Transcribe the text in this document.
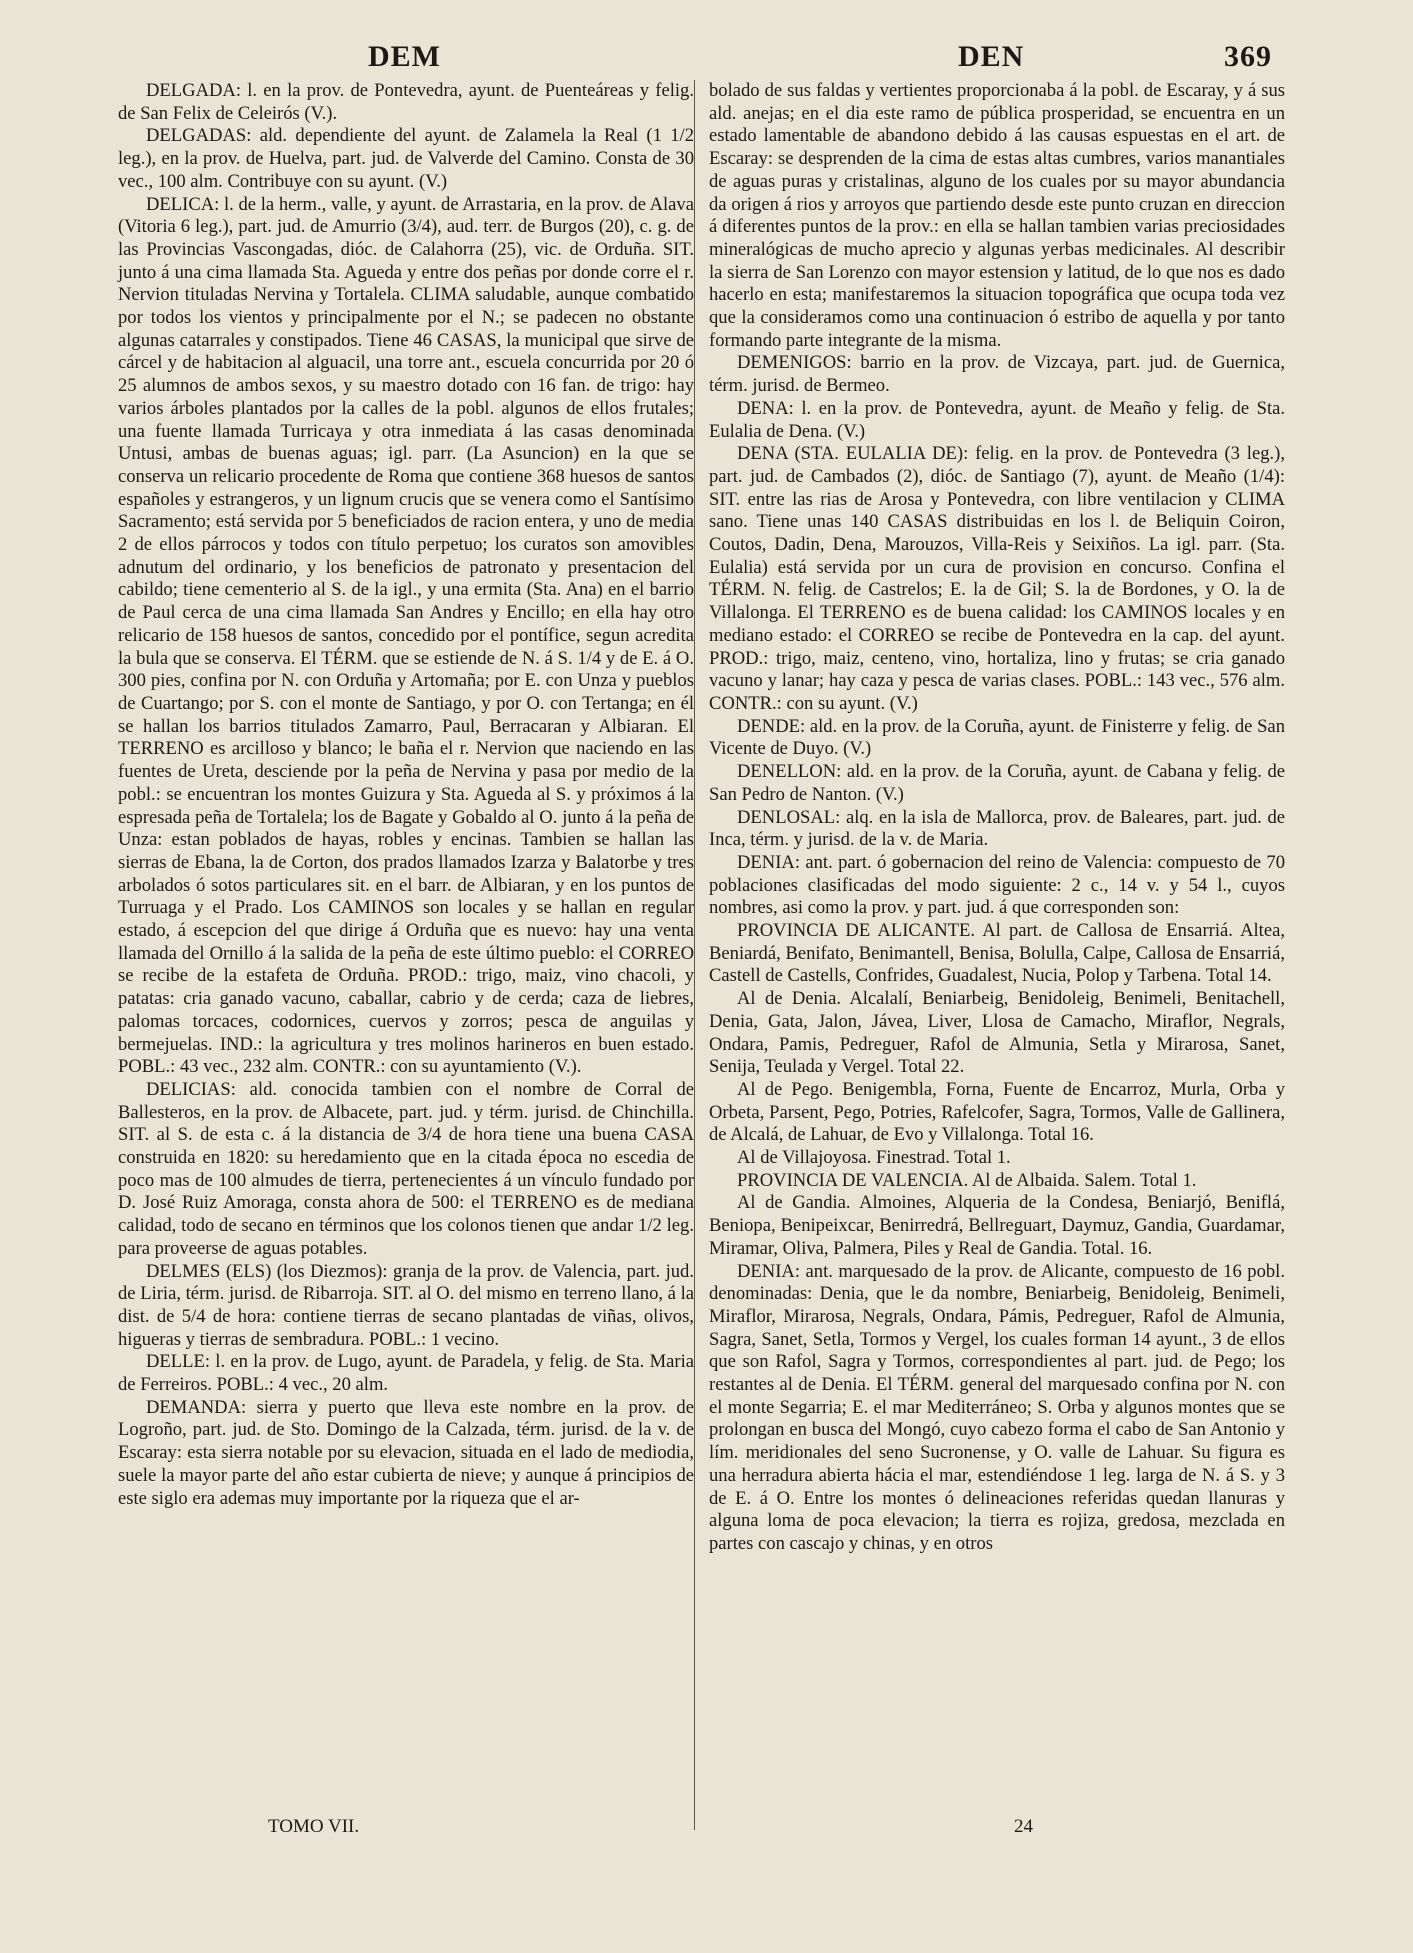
DEM	DEN	369

DELGADA: l. en la prov. de Pontevedra, ayunt. de Puenteáreas y felig. de San Felix de Celeirós (V.).

DELGADAS: ald. dependiente del ayunt. de Zalamela la Real (1 1/2 leg.), en la prov. de Huelva, part. jud. de Valverde del Camino. Consta de 30 vec., 100 alm. Contribuye con su ayunt. (V.)

DELICA: l. de la herm., valle, y ayunt. de Arrastaria, en la prov. de Alava (Vitoria 6 leg.), part. jud. de Amurrio (3/4), aud. terr. de Burgos (20), c. g. de las Provincias Vascongadas, dióc. de Calahorra (25), vic. de Orduña. SIT. junto á una cima llamada Sta. Agueda y entre dos peñas por donde corre el r. Nervion tituladas Nervina y Tortalela. CLIMA saludable, aunque combatido por todos los vientos y principalmente por el N.; se padecen no obstante algunas catarrales y constipados. Tiene 46 CASAS, la municipal que sirve de cárcel y de habitacion al alguacil, una torre ant., escuela concurrida por 20 ó 25 alumnos de ambos sexos, y su maestro dotado con 16 fan. de trigo: hay varios árboles plantados por la calles de la pobl. algunos de ellos frutales; una fuente llamada Turricaya y otra inmediata á las casas denominada Untusi, ambas de buenas aguas; igl. parr. (La Asuncion) en la que se conserva un relicario procedente de Roma que contiene 368 huesos de santos españoles y estrangeros, y un lignum crucis que se venera como el Santísimo Sacramento; está servida por 5 beneficiados de racion entera, y uno de media 2 de ellos párrocos y todos con título perpetuo; los curatos son amovibles adnutum del ordinario, y los beneficios de patronato y presentacion del cabildo; tiene cementerio al S. de la igl., y una ermita (Sta. Ana) en el barrio de Paul cerca de una cima llamada San Andres y Encillo; en ella hay otro relicario de 158 huesos de santos, concedido por el pontífice, segun acredita la bula que se conserva. El TÉRM. que se estiende de N. á S. 1/4 y de E. á O. 300 pies, confina por N. con Orduña y Artomaña; por E. con Unza y pueblos de Cuartango; por S. con el monte de Santiago, y por O. con Tertanga; en él se hallan los barrios titulados Zamarro, Paul, Berracaran y Albiaran. El TERRENO es arcilloso y blanco; le baña el r. Nervion que naciendo en las fuentes de Ureta, desciende por la peña de Nervina y pasa por medio de la pobl.: se encuentran los montes Guizura y Sta. Agueda al S. y próximos á la espresada peña de Tortalela; los de Bagate y Gobaldo al O. junto á la peña de Unza: estan poblados de hayas, robles y encinas. Tambien se hallan las sierras de Ebana, la de Corton, dos prados llamados Izarza y Balatorbe y tres arbolados ó sotos particulares sit. en el barr. de Albiaran, y en los puntos de Turruaga y el Prado. Los CAMINOS son locales y se hallan en regular estado, á escepcion del que dirige á Orduña que es nuevo: hay una venta llamada del Ornillo á la salida de la peña de este último pueblo: el CORREO se recibe de la estafeta de Orduña. PROD.: trigo, maiz, vino chacoli, y patatas: cria ganado vacuno, caballar, cabrio y de cerda; caza de liebres, palomas torcaces, codornices, cuervos y zorros; pesca de anguilas y bermejuelas. IND.: la agricultura y tres molinos harineros en buen estado. POBL.: 43 vec., 232 alm. CONTR.: con su ayuntamiento (V.).

DELICIAS: ald. conocida tambien con el nombre de Corral de Ballesteros, en la prov. de Albacete, part. jud. y térm. jurisd. de Chinchilla. SIT. al S. de esta c. á la distancia de 3/4 de hora tiene una buena CASA construida en 1820: su heredamiento que en la citada época no escedia de poco mas de 100 almudes de tierra, pertenecientes á un vínculo fundado por D. José Ruiz Amoraga, consta ahora de 500: el TERRENO es de mediana calidad, todo de secano en términos que los colonos tienen que andar 1/2 leg. para proveerse de aguas potables.

DELMES (ELS) (los Diezmos): granja de la prov. de Valencia, part. jud. de Liria, térm. jurisd. de Ribarroja. SIT. al O. del mismo en terreno llano, á la dist. de 5/4 de hora: contiene tierras de secano plantadas de viñas, olivos, higueras y tierras de sembradura. POBL.: 1 vecino.

DELLE: l. en la prov. de Lugo, ayunt. de Paradela, y felig. de Sta. Maria de Ferreiros. POBL.: 4 vec., 20 alm.

DEMANDA: sierra y puerto que lleva este nombre en la prov. de Logroño, part. jud. de Sto. Domingo de la Calzada, térm. jurisd. de la v. de Escaray: esta sierra notable por su elevacion, situada en el lado de mediodia, suele la mayor parte del año estar cubierta de nieve; y aunque á principios de este siglo era ademas muy importante por la riqueza que el ar-

bolado de sus faldas y vertientes proporcionaba á la pobl. de Escaray, y á sus ald. anejas; en el dia este ramo de pública prosperidad, se encuentra en un estado lamentable de abandono debido á las causas espuestas en el art. de Escaray: se desprenden de la cima de estas altas cumbres, varios manantiales de aguas puras y cristalinas, alguno de los cuales por su mayor abundancia da origen á rios y arroyos que partiendo desde este punto cruzan en direccion á diferentes puntos de la prov.: en ella se hallan tambien varias preciosidades mineralógicas de mucho aprecio y algunas yerbas medicinales. Al describir la sierra de San Lorenzo con mayor estension y latitud, de lo que nos es dado hacerlo en esta; manifestaremos la situacion topográfica que ocupa toda vez que la consideramos como una continuacion ó estribo de aquella y por tanto formando parte integrante de la misma.

DEMENIGOS: barrio en la prov. de Vizcaya, part. jud. de Guernica, térm. jurisd. de Bermeo.

DENA: l. en la prov. de Pontevedra, ayunt. de Meaño y felig. de Sta. Eulalia de Dena. (V.)

DENA (STA. EULALIA DE): felig. en la prov. de Pontevedra (3 leg.), part. jud. de Cambados (2), dióc. de Santiago (7), ayunt. de Meaño (1/4): SIT. entre las rias de Arosa y Pontevedra, con libre ventilacion y CLIMA sano. Tiene unas 140 CASAS distribuidas en los l. de Beliquin Coiron, Coutos, Dadin, Dena, Marouzos, Villa-Reis y Seixiños. La igl. parr. (Sta. Eulalia) está servida por un cura de provision en concurso. Confina el TÉRM. N. felig. de Castrelos; E. la de Gil; S. la de Bordones, y O. la de Villalonga. El TERRENO es de buena calidad: los CAMINOS locales y en mediano estado: el CORREO se recibe de Pontevedra en la cap. del ayunt. PROD.: trigo, maiz, centeno, vino, hortaliza, lino y frutas; se cria ganado vacuno y lanar; hay caza y pesca de varias clases. POBL.: 143 vec., 576 alm. CONTR.: con su ayunt. (V.)

DENDE: ald. en la prov. de la Coruña, ayunt. de Finisterre y felig. de San Vicente de Duyo. (V.)

DENELLON: ald. en la prov. de la Coruña, ayunt. de Cabana y felig. de San Pedro de Nanton. (V.)

DENLOSAL: alq. en la isla de Mallorca, prov. de Baleares, part. jud. de Inca, térm. y jurisd. de la v. de Maria.

DENIA: ant. part. ó gobernacion del reino de Valencia: compuesto de 70 poblaciones clasificadas del modo siguiente: 2 c., 14 v. y 54 l., cuyos nombres, asi como la prov. y part. jud. á que corresponden son:

PROVINCIA DE ALICANTE. Al part. de Callosa de Ensarriá. Altea, Beniardá, Benifato, Benimantell, Benisa, Bolulla, Calpe, Callosa de Ensarriá, Castell de Castells, Confrides, Guadalest, Nucia, Polop y Tarbena. Total 14.

Al de Denia. Alcalalí, Beniarbeig, Benidoleig, Benimeli, Benitachell, Denia, Gata, Jalon, Jávea, Liver, Llosa de Camacho, Miraflor, Negrals, Ondara, Pamis, Pedreguer, Rafol de Almunia, Setla y Mirarosa, Sanet, Senija, Teulada y Vergel. Total 22.

Al de Pego. Benigembla, Forna, Fuente de Encarroz, Murla, Orba y Orbeta, Parsent, Pego, Potries, Rafelcofer, Sagra, Tormos, Valle de Gallinera, de Alcalá, de Lahuar, de Evo y Villalonga. Total 16.

Al de Villajoyosa. Finestrad. Total 1.

PROVINCIA DE VALENCIA. Al de Albaida. Salem. Total 1.

Al de Gandia. Almoines, Alqueria de la Condesa, Beniarjó, Beniflá, Beniopa, Benipeixcar, Benirredrá, Bellreguart, Daymuz, Gandia, Guardamar, Miramar, Oliva, Palmera, Piles y Real de Gandia. Total. 16.

DENIA: ant. marquesado de la prov. de Alicante, compuesto de 16 pobl. denominadas: Denia, que le da nombre, Beniarbeig, Benidoleig, Benimeli, Miraflor, Mirarosa, Negrals, Ondara, Pámis, Pedreguer, Rafol de Almunia, Sagra, Sanet, Setla, Tormos y Vergel, los cuales forman 14 ayunt., 3 de ellos que son Rafol, Sagra y Tormos, correspondientes al part. jud. de Pego; los restantes al de Denia. El TÉRM. general del marquesado confina por N. con el monte Segarria; E. el mar Mediterráneo; S. Orba y algunos montes que se prolongan en busca del Mongó, cuyo cabezo forma el cabo de San Antonio y lím. meridionales del seno Sucronense, y O. valle de Lahuar. Su figura es una herradura abierta hácia el mar, estendiéndose 1 leg. larga de N. á S. y 3 de E. á O. Entre los montes ó delineaciones referidas quedan llanuras y alguna loma de poca elevacion; la tierra es rojiza, gredosa, mezclada en partes con cascajo y chinas, y en otros

TOMO VII.	24
